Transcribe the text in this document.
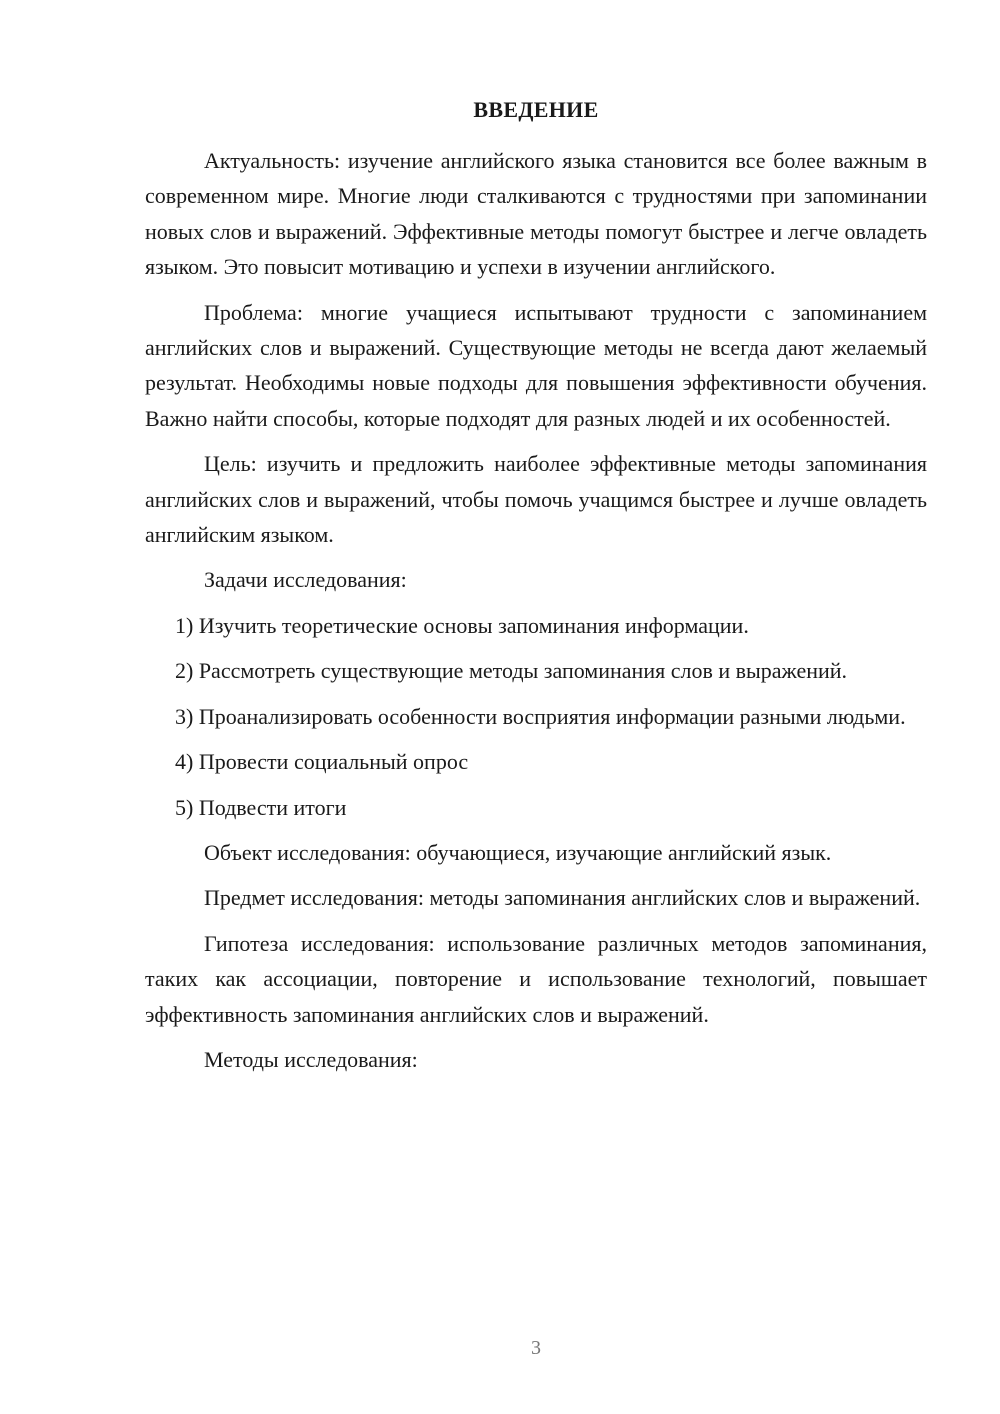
ВВЕДЕНИЕ

Актуальность: изучение английского языка становится все более важным в современном мире. Многие люди сталкиваются с трудностями при запоминании новых слов и выражений. Эффективные методы помогут быстрее и легче овладеть языком. Это повысит мотивацию и успехи в изучении английского.

Проблема: многие учащиеся испытывают трудности с запоминанием английских слов и выражений. Существующие методы не всегда дают желаемый результат. Необходимы новые подходы для повышения эффективности обучения. Важно найти способы, которые подходят для разных людей и их особенностей.

Цель: изучить и предложить наиболее эффективные методы запоминания английских слов и выражений, чтобы помочь учащимся быстрее и лучше овладеть английским языком.

Задачи исследования:

1) Изучить теоретические основы запоминания информации.

2) Рассмотреть существующие методы запоминания слов и выражений.

3) Проанализировать особенности восприятия информации разными людьми.

4) Провести социальный опрос

5) Подвести итоги

Объект исследования: обучающиеся, изучающие английский язык.

Предмет исследования: методы запоминания английских слов и выражений.

Гипотеза исследования: использование различных методов запоминания, таких как ассоциации, повторение и использование технологий, повышает эффективность запоминания английских слов и выражений.

Методы исследования:

3
